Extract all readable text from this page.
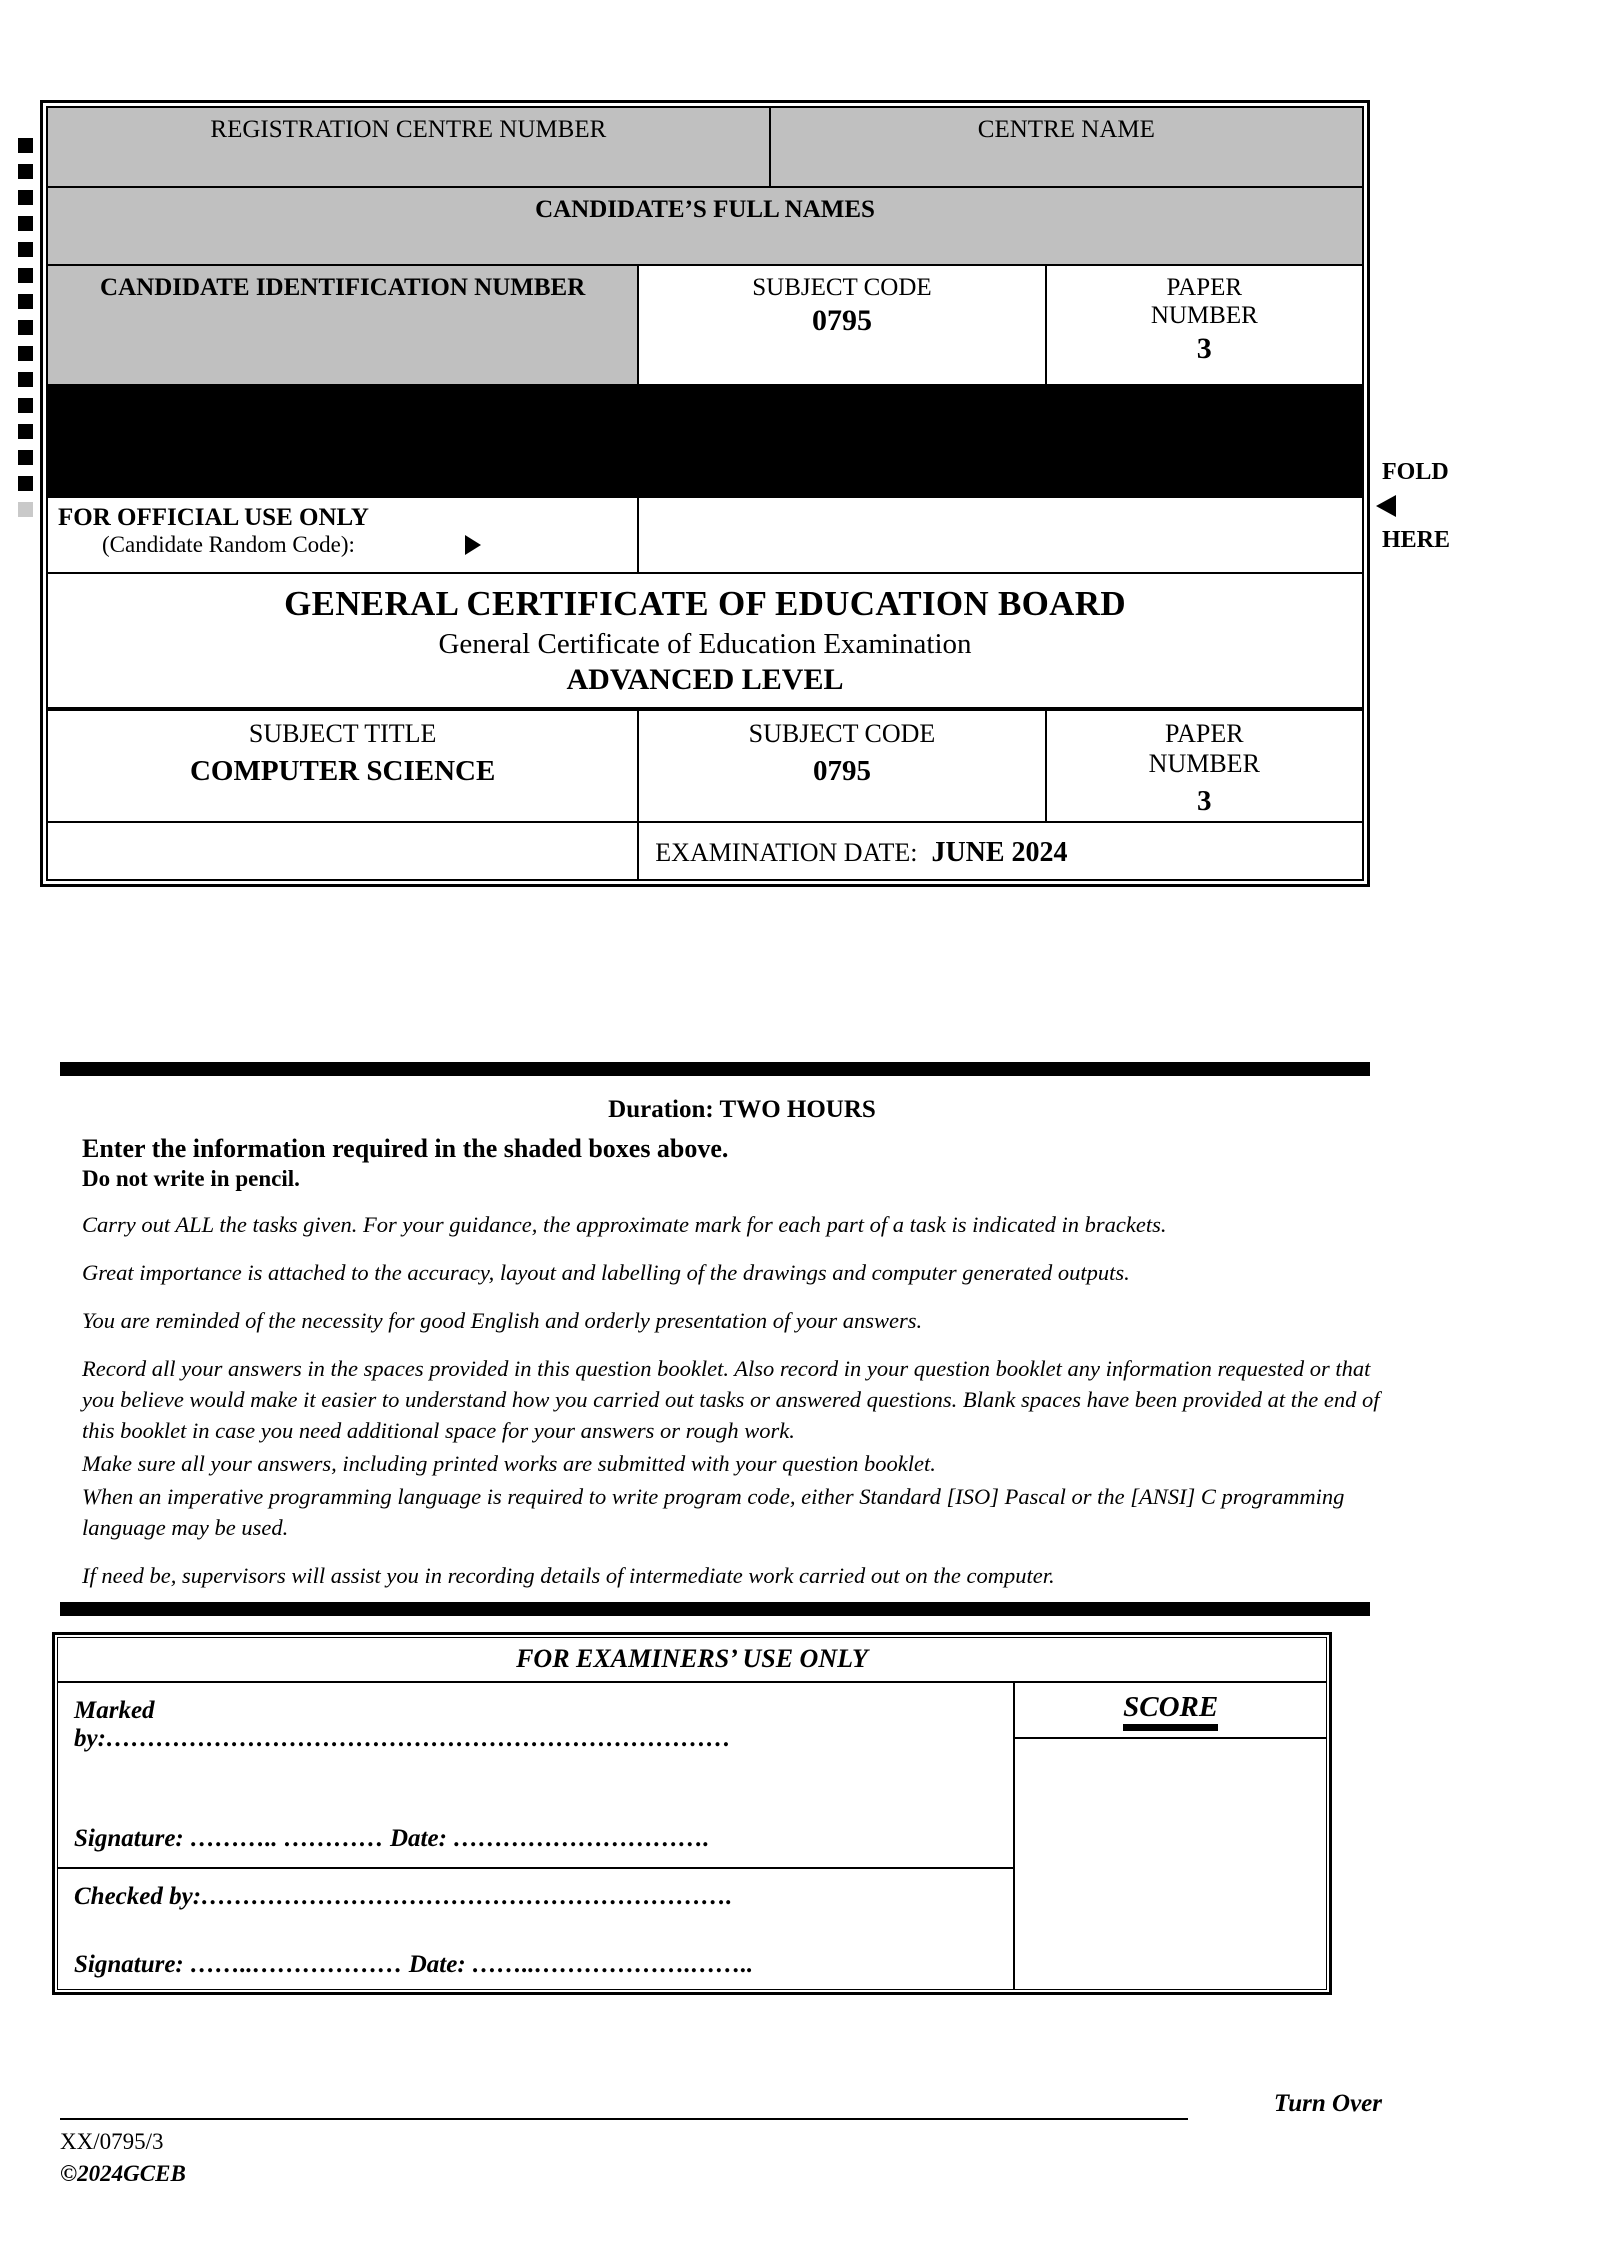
REGISTRATION CENTRE NUMBER	CENTRE NAME
CANDIDATE’S FULL NAMES
CANDIDATE IDENTIFICATION NUMBER	SUBJECT CODE
0795
PAPER
NUMBER
3
FOR OFFICIAL USE ONLY
(Candidate Random Code):
GENERAL CERTIFICATE OF EDUCATION BOARD
General Certificate of Education Examination
ADVANCED LEVEL
SUBJECT TITLE
COMPUTER SCIENCE
SUBJECT CODE
0795
PAPER
NUMBER
3
EXAMINATION DATE: JUNE 2024
FOLD
HERE
Duration: TWO HOURS
Enter the information required in the shaded boxes above.
Do not write in pencil.
Carry out ALL the tasks given. For your guidance, the approximate mark for each part of a task is indicated in brackets.
Great importance is attached to the accuracy, layout and labelling of the drawings and computer generated outputs.
You are reminded of the necessity for good English and orderly presentation of your answers.
Record all your answers in the spaces provided in this question booklet. Also record in your question booklet any information requested or that you believe would make it easier to understand how you carried out tasks or answered questions. Blank spaces have been provided at the end of this booklet in case you need additional space for your answers or rough work.
Make sure all your answers, including printed works are submitted with your question booklet.
When an imperative programming language is required to write program code, either Standard [ISO] Pascal or the [ANSI] C programming language may be used.
If need be, supervisors will assist you in recording details of intermediate work carried out on the computer.
FOR EXAMINERS’ USE ONLY
Marked
by:…………………………………………………………………
Signature: ……….. ………… Date: ………………………….
Checked by:……………………………………………………….
Signature: ……..……………… Date: ……..……………….……..
SCORE
Turn Over
XX/0795/3
©2024GCEB
